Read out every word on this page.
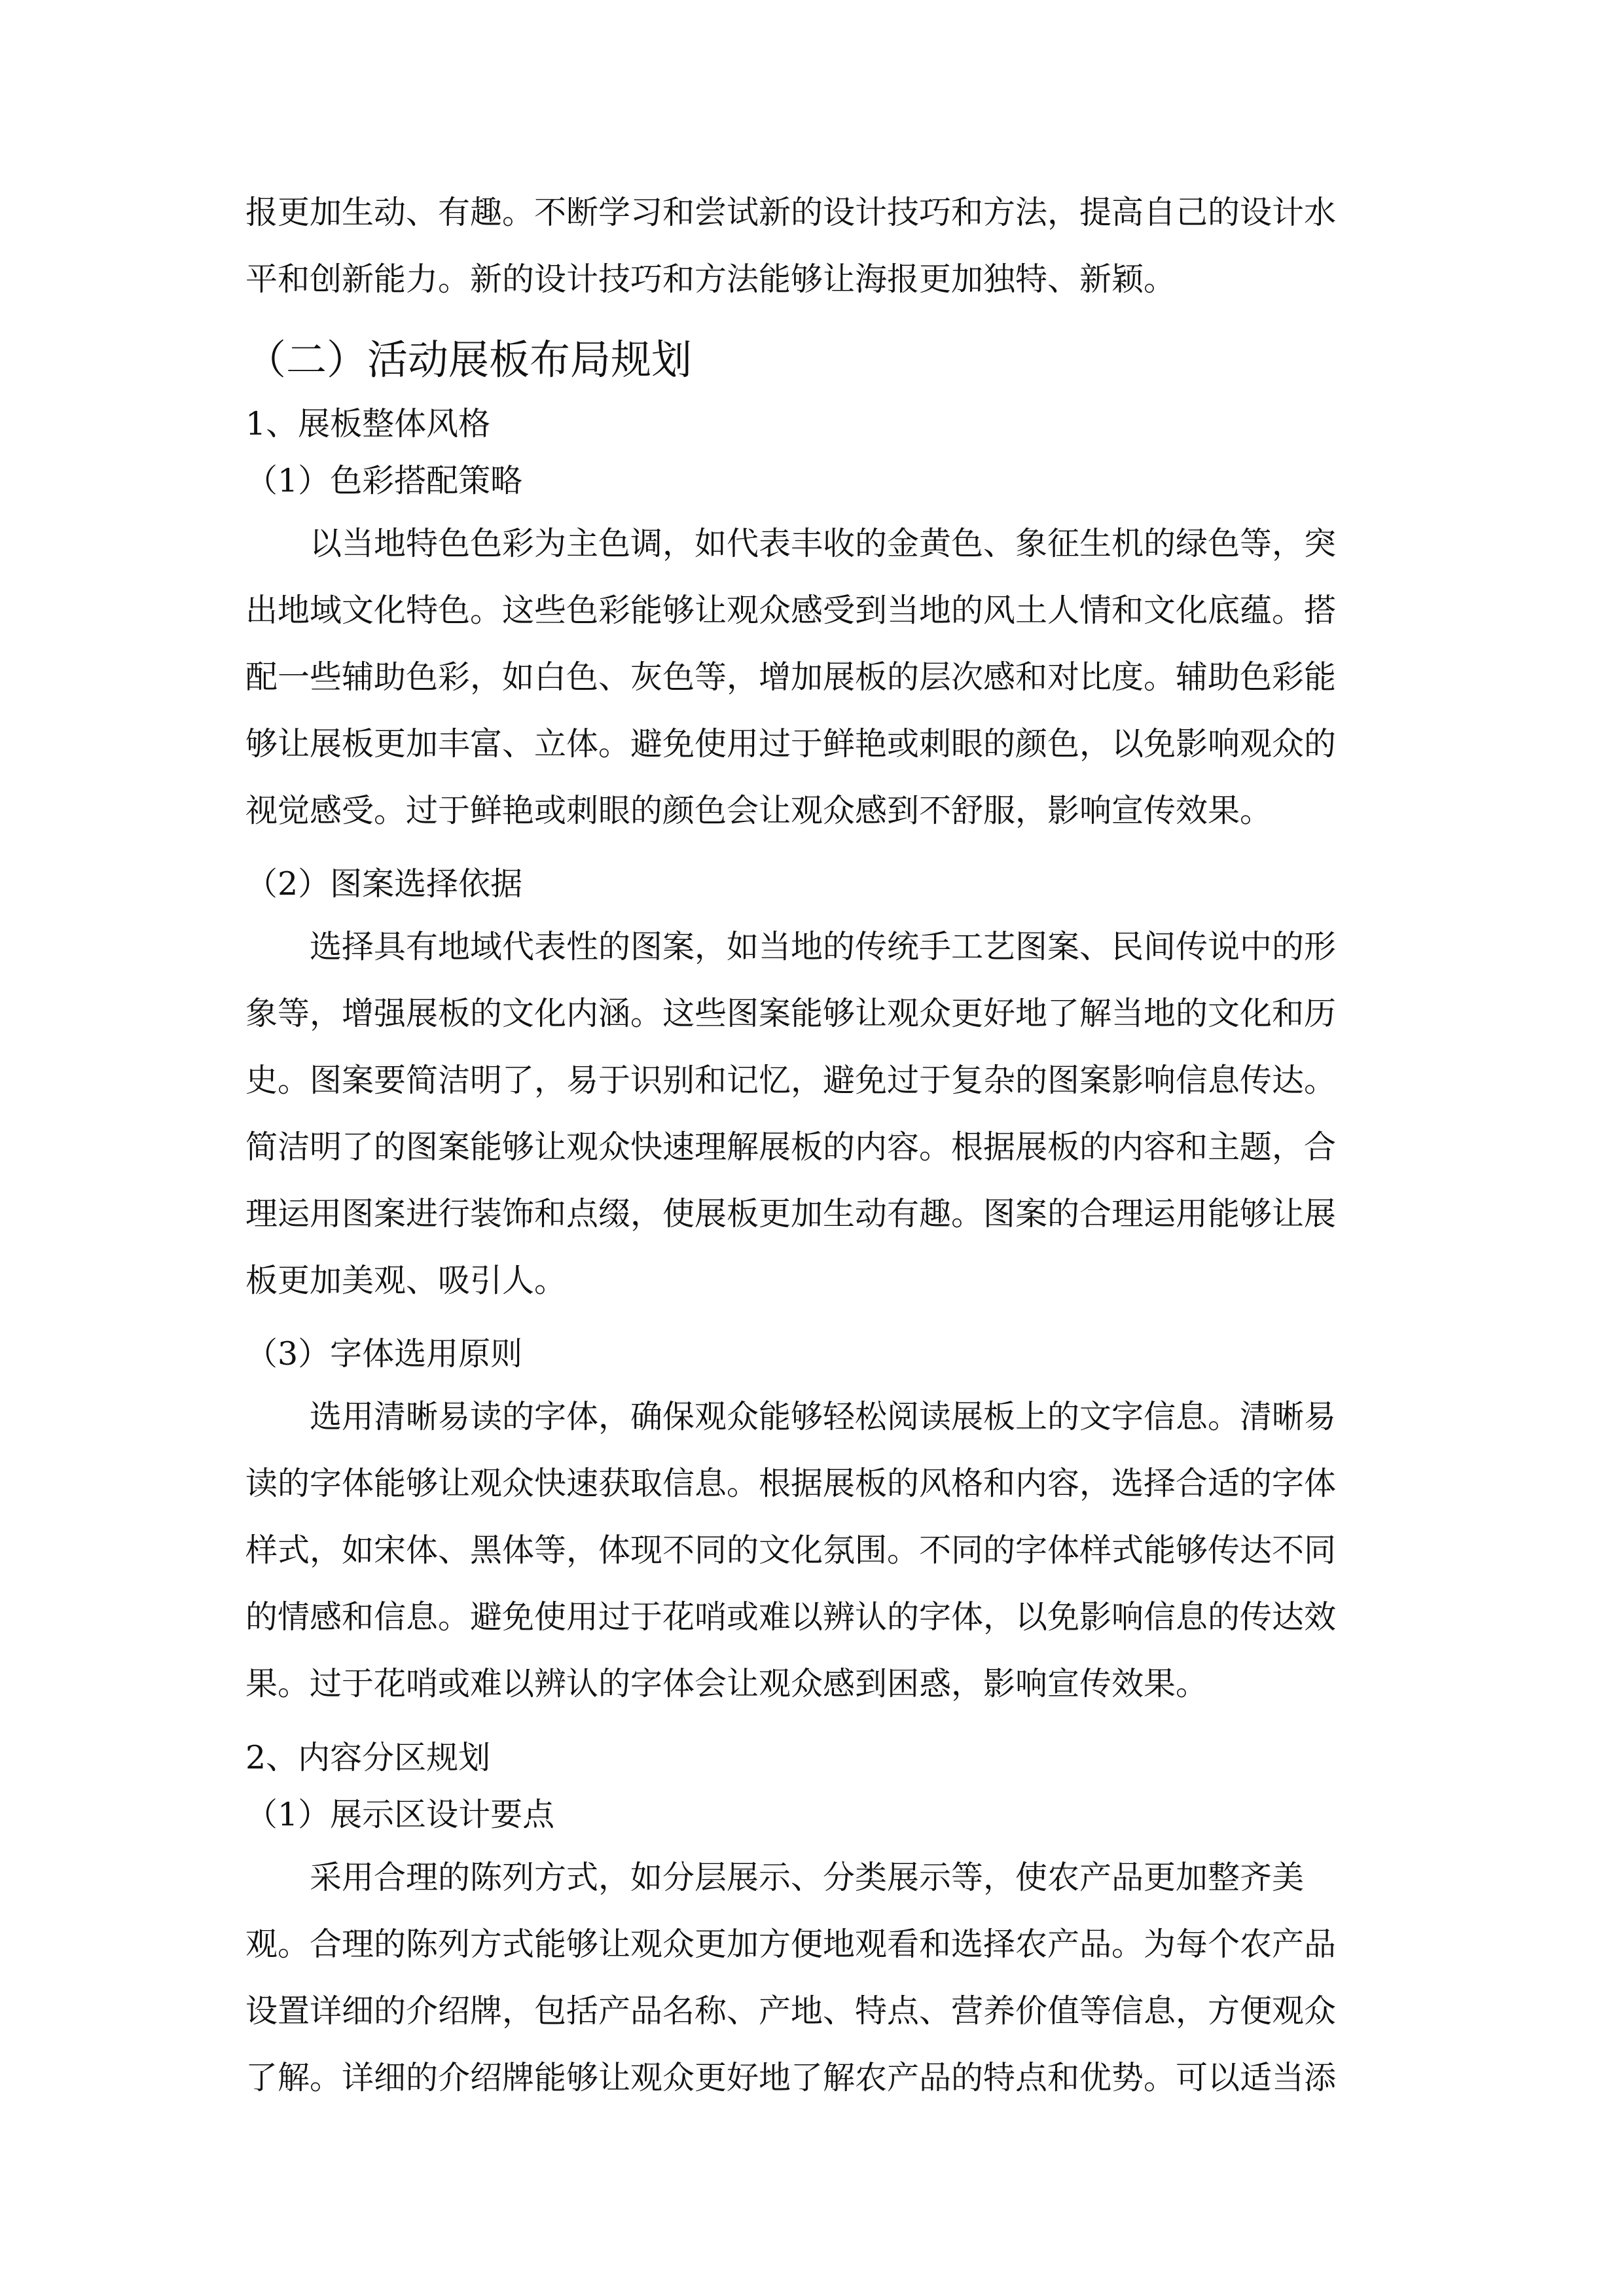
报更加生动、有趣。不断学习和尝试新的设计技巧和方法，提高自己的设计水
平和创新能力。新的设计技巧和方法能够让海报更加独特、新颖。
（二）活动展板布局规划
1、展板整体风格
（1）色彩搭配策略
以当地特色色彩为主色调，如代表丰收的金黄色、象征生机的绿色等，突
出地域文化特色。这些色彩能够让观众感受到当地的风土人情和文化底蕴。搭
配一些辅助色彩，如白色、灰色等，增加展板的层次感和对比度。辅助色彩能
够让展板更加丰富、立体。避免使用过于鲜艳或刺眼的颜色，以免影响观众的
视觉感受。过于鲜艳或刺眼的颜色会让观众感到不舒服，影响宣传效果。
（2）图案选择依据
选择具有地域代表性的图案，如当地的传统手工艺图案、民间传说中的形
象等，增强展板的文化内涵。这些图案能够让观众更好地了解当地的文化和历
史。图案要简洁明了，易于识别和记忆，避免过于复杂的图案影响信息传达。
简洁明了的图案能够让观众快速理解展板的内容。根据展板的内容和主题，合
理运用图案进行装饰和点缀，使展板更加生动有趣。图案的合理运用能够让展
板更加美观、吸引人。
（3）字体选用原则
选用清晰易读的字体，确保观众能够轻松阅读展板上的文字信息。清晰易
读的字体能够让观众快速获取信息。根据展板的风格和内容，选择合适的字体
样式，如宋体、黑体等，体现不同的文化氛围。不同的字体样式能够传达不同
的情感和信息。避免使用过于花哨或难以辨认的字体，以免影响信息的传达效
果。过于花哨或难以辨认的字体会让观众感到困惑，影响宣传效果。
2、内容分区规划
（1）展示区设计要点
采用合理的陈列方式，如分层展示、分类展示等，使农产品更加整齐美
观。合理的陈列方式能够让观众更加方便地观看和选择农产品。为每个农产品
设置详细的介绍牌，包括产品名称、产地、特点、营养价值等信息，方便观众
了解。详细的介绍牌能够让观众更好地了解农产品的特点和优势。可以适当添
